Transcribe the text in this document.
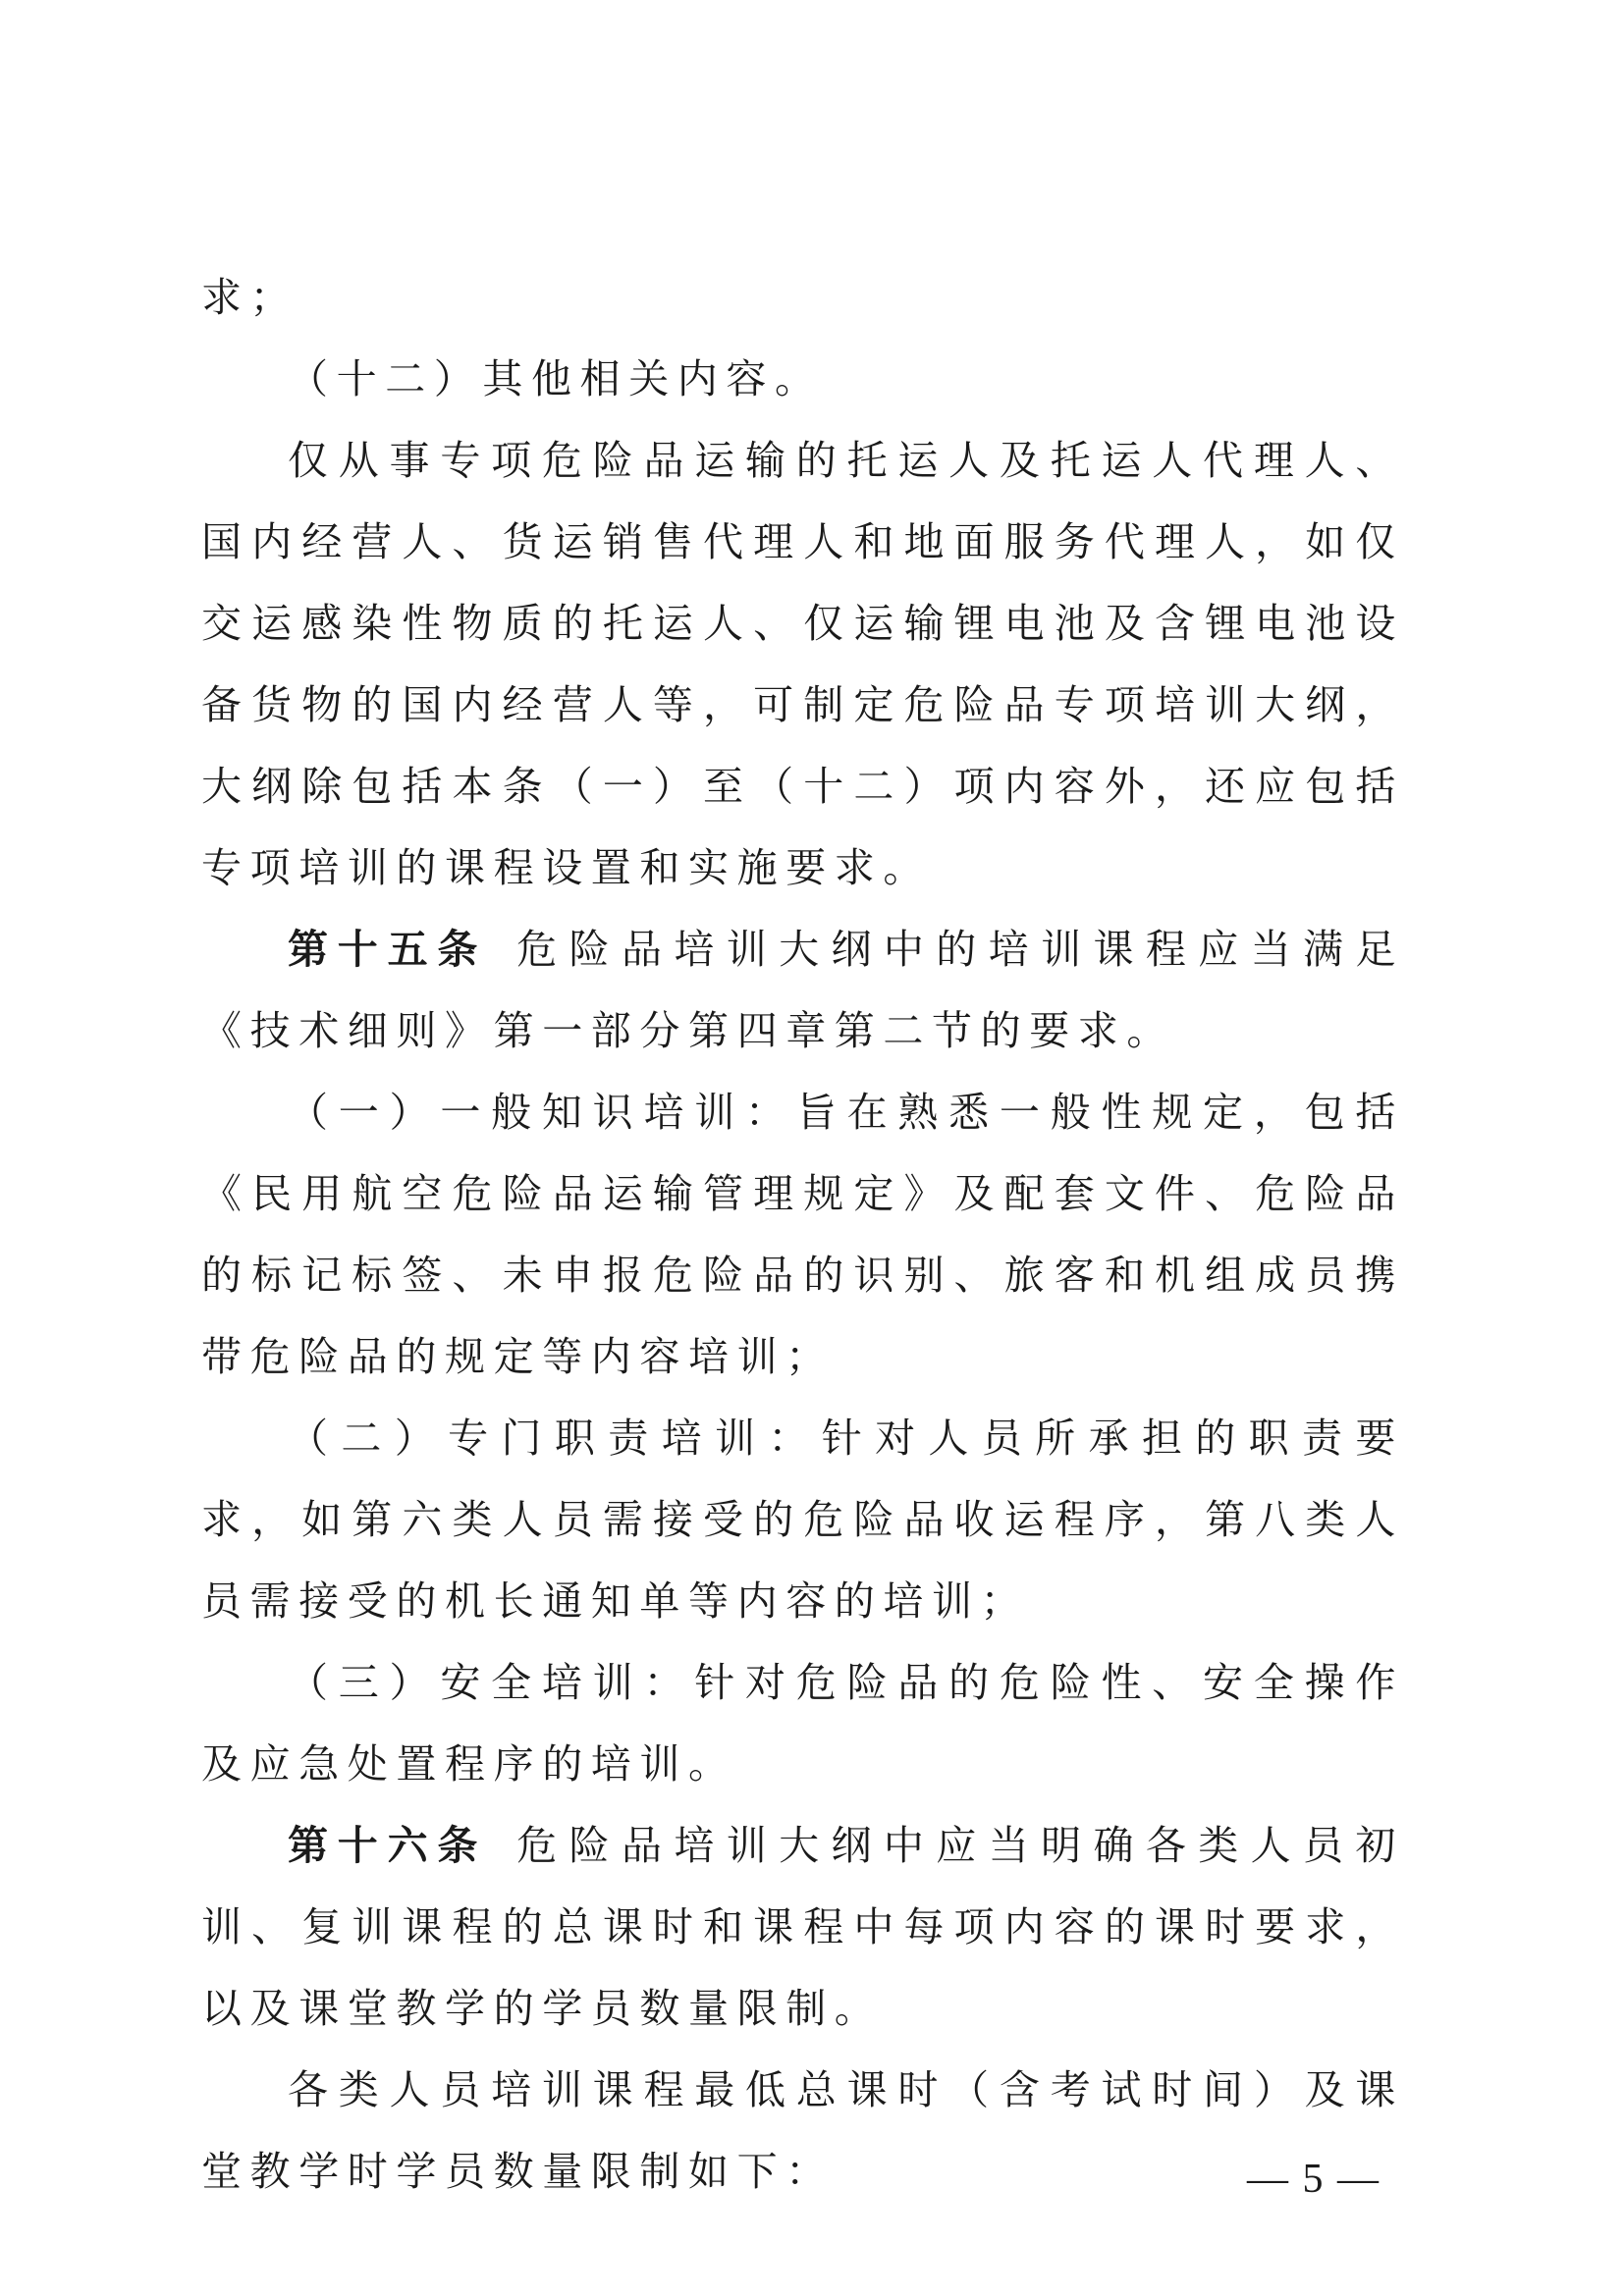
求；

（十二）其他相关内容。

仅从事专项危险品运输的托运人及托运人代理人、国内经营人、货运销售代理人和地面服务代理人，如仅交运感染性物质的托运人、仅运输锂电池及含锂电池设备货物的国内经营人等，可制定危险品专项培训大纲，大纲除包括本条（一）至（十二）项内容外，还应包括专项培训的课程设置和实施要求。

第十五条 危险品培训大纲中的培训课程应当满足《技术细则》第一部分第四章第二节的要求。

（一）一般知识培训：旨在熟悉一般性规定，包括《民用航空危险品运输管理规定》及配套文件、危险品的标记标签、未申报危险品的识别、旅客和机组成员携带危险品的规定等内容培训；

（二）专门职责培训：针对人员所承担的职责要求，如第六类人员需接受的危险品收运程序，第八类人员需接受的机长通知单等内容的培训；

（三）安全培训：针对危险品的危险性、安全操作及应急处置程序的培训。

第十六条 危险品培训大纲中应当明确各类人员初训、复训课程的总课时和课程中每项内容的课时要求，以及课堂教学的学员数量限制。

各类人员培训课程最低总课时（含考试时间）及课堂教学时学员数量限制如下：	— 5 —
